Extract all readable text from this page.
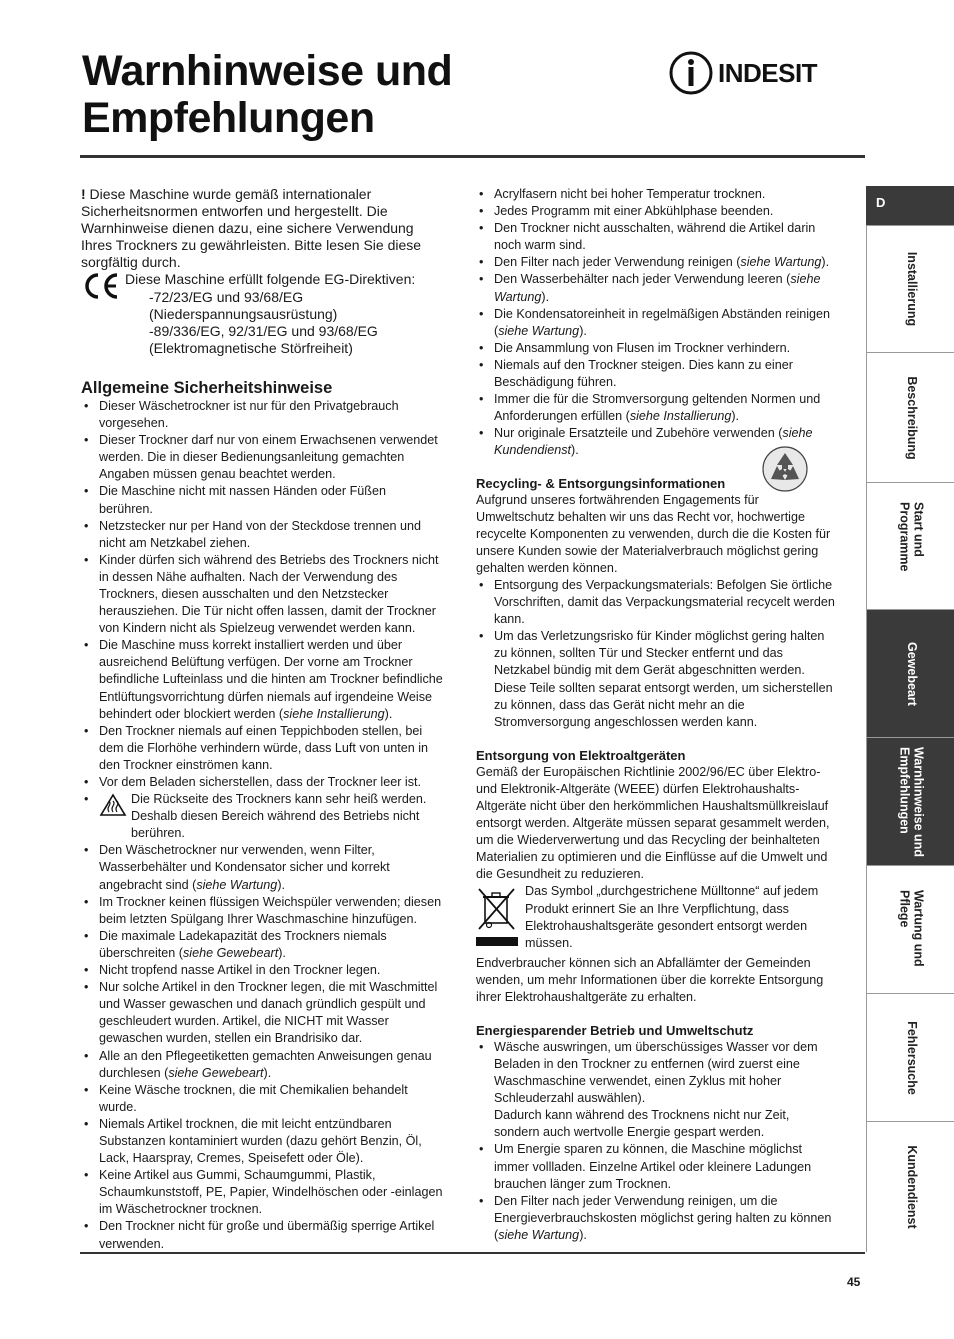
Warnhinweise und
Empfehlungen
INDESIT

! Diese Maschine wurde gemäß internationaler Sicherheitsnormen entworfen und hergestellt. Die Warnhinweise dienen dazu, eine sichere Verwendung Ihres Trockners zu gewährleisten. Bitte lesen Sie diese sorgfältig durch.

Diese Maschine erfüllt folgende EG-Direktiven:
-72/23/EG und 93/68/EG
(Niederspannungsausrüstung)
-89/336/EG, 92/31/EG und 93/68/EG
(Elektromagnetische Störfreiheit)
Allgemeine Sicherheitshinweise
• Dieser Wäschetrockner ist nur für den Privatgebrauch vorgesehen.
• Dieser Trockner darf nur von einem Erwachsenen verwendet werden. Die in dieser Bedienungsanleitung gemachten Angaben müssen genau beachtet werden.
• Die Maschine nicht mit nassen Händen oder Füßen berühren.
• Netzstecker nur per Hand von der Steckdose trennen und nicht am Netzkabel ziehen.
• Kinder dürfen sich während des Betriebs des Trockners nicht in dessen Nähe aufhalten. Nach der Verwendung des Trockners, diesen ausschalten und den Netzstecker herausziehen. Die Tür nicht offen lassen, damit der Trockner von Kindern nicht als Spielzeug verwendet werden kann.
• Die Maschine muss korrekt installiert werden und über ausreichend Belüftung verfügen. Der vorne am Trockner befindliche Lufteinlass und die hinten am Trockner befindliche Entlüftungsvorrichtung dürfen niemals auf irgendeine Weise behindert oder blockiert werden (siehe Installierung).
• Den Trockner niemals auf einen Teppichboden stellen, bei dem die Florhöhe verhindern würde, dass Luft von unten in den Trockner einströmen kann.
• Vor dem Beladen sicherstellen, dass der Trockner leer ist.
• Die Rückseite des Trockners kann sehr heiß werden. Deshalb diesen Bereich während des Betriebs nicht berühren.
• Den Wäschetrockner nur verwenden, wenn Filter, Wasserbehälter und Kondensator sicher und korrekt angebracht sind (siehe Wartung).
• Im Trockner keinen flüssigen Weichspüler verwenden; diesen beim letzten Spülgang Ihrer Waschmaschine hinzufügen.
• Die maximale Ladekapazität des Trockners niemals überschreiten (siehe Gewebeart).
• Nicht tropfend nasse Artikel in den Trockner legen.
• Nur solche Artikel in den Trockner legen, die mit Waschmittel und Wasser gewaschen und danach gründlich gespült und geschleudert wurden. Artikel, die NICHT mit Wasser gewaschen wurden, stellen ein Brandrisiko dar.
• Alle an den Pflegeetiketten gemachten Anweisungen genau durchlesen (siehe Gewebeart).
• Keine Wäsche trocknen, die mit Chemikalien behandelt wurde.
• Niemals Artikel trocknen, die mit leicht entzündbaren Substanzen kontaminiert wurden (dazu gehört Benzin, Öl, Lack, Haarspray, Cremes, Speisefett oder Öle).
• Keine Artikel aus Gummi, Schaumgummi, Plastik, Schaumkunststoff, PE, Papier, Windelhöschen oder -einlagen im Wäschetrockner trocknen.
• Den Trockner nicht für große und übermäßig sperrige Artikel verwenden.
• Acrylfasern nicht bei hoher Temperatur trocknen.
• Jedes Programm mit einer Abkühlphase beenden.
• Den Trockner nicht ausschalten, während die Artikel darin noch warm sind.
• Den Filter nach jeder Verwendung reinigen (siehe Wartung).
• Den Wasserbehälter nach jeder Verwendung leeren (siehe Wartung).
• Die Kondensatoreinheit in regelmäßigen Abständen reinigen (siehe Wartung).
• Die Ansammlung von Flusen im Trockner verhindern.
• Niemals auf den Trockner steigen. Dies kann zu einer Beschädigung führen.
• Immer die für die Stromversorgung geltenden Normen und Anforderungen erfüllen (siehe Installierung).
• Nur originale Ersatzteile und Zubehöre verwenden (siehe Kundendienst).
Recycling- & Entsorgungsinformationen

Aufgrund unseres fortwährenden Engagements für Umweltschutz behalten wir uns das Recht vor, hochwertige recycelte Komponenten zu verwenden, durch die die Kosten für unsere Kunden sowie der Materialverbrauch möglichst gering gehalten werden können.

• Entsorgung des Verpackungsmaterials: Befolgen Sie örtliche Vorschriften, damit das Verpackungsmaterial recycelt werden kann.
• Um das Verletzungsrisko für Kinder möglichst gering halten zu können, sollten Tür und Stecker entfernt und das Netzkabel bündig mit dem Gerät abgeschnitten werden. Diese Teile sollten separat entsorgt werden, um sicherstellen zu können, dass das Gerät nicht mehr an die Stromversorgung angeschlossen werden kann.
Entsorgung von Elektroaltgeräten

Gemäß der Europäischen Richtlinie 2002/96/EC über Elektro- und Elektronik-Altgeräte (WEEE) dürfen Elektrohaushalts-Altgeräte nicht über den herkömmlichen Haushaltsmüllkreislauf entsorgt werden. Altgeräte müssen separat gesammelt werden, um die Wiederverwertung und das Recycling der beinhalteten Materialien zu optimieren und die Einflüsse auf die Umwelt und die Gesundheit zu reduzieren.

Das Symbol „durchgestrichene Mülltonne“ auf jedem Produkt erinnert Sie an Ihre Verpflichtung, dass Elektrohaushaltsgeräte gesondert entsorgt werden müssen.

Endverbraucher können sich an Abfallämter der Gemeinden wenden, um mehr Informationen über die korrekte Entsorgung ihrer Elektrohaushaltgeräte zu erhalten.

Energiesparender Betrieb und Umweltschutz
• Wäsche auswringen, um überschüssiges Wasser vor dem Beladen in den Trockner zu entfernen (wird zuerst eine Waschmaschine verwendet, einen Zyklus mit hoher Schleuderzahl auswählen).
Dadurch kann während des Trocknens nicht nur Zeit, sondern auch wertvolle Energie gespart werden.
• Um Energie sparen zu können, die Maschine möglichst immer vollladen. Einzelne Artikel oder kleinere Ladungen brauchen länger zum Trocknen.
• Den Filter nach jeder Verwendung reinigen, um die Energieverbrauchskosten möglichst gering halten zu können (siehe Wartung).
D
Installierung
Beschreibung
Start und Programme
Gewebeart
Warnhinweise und Empfehlungen
Wartung und Pflege
Fehlersuche
Kundendienst
45
